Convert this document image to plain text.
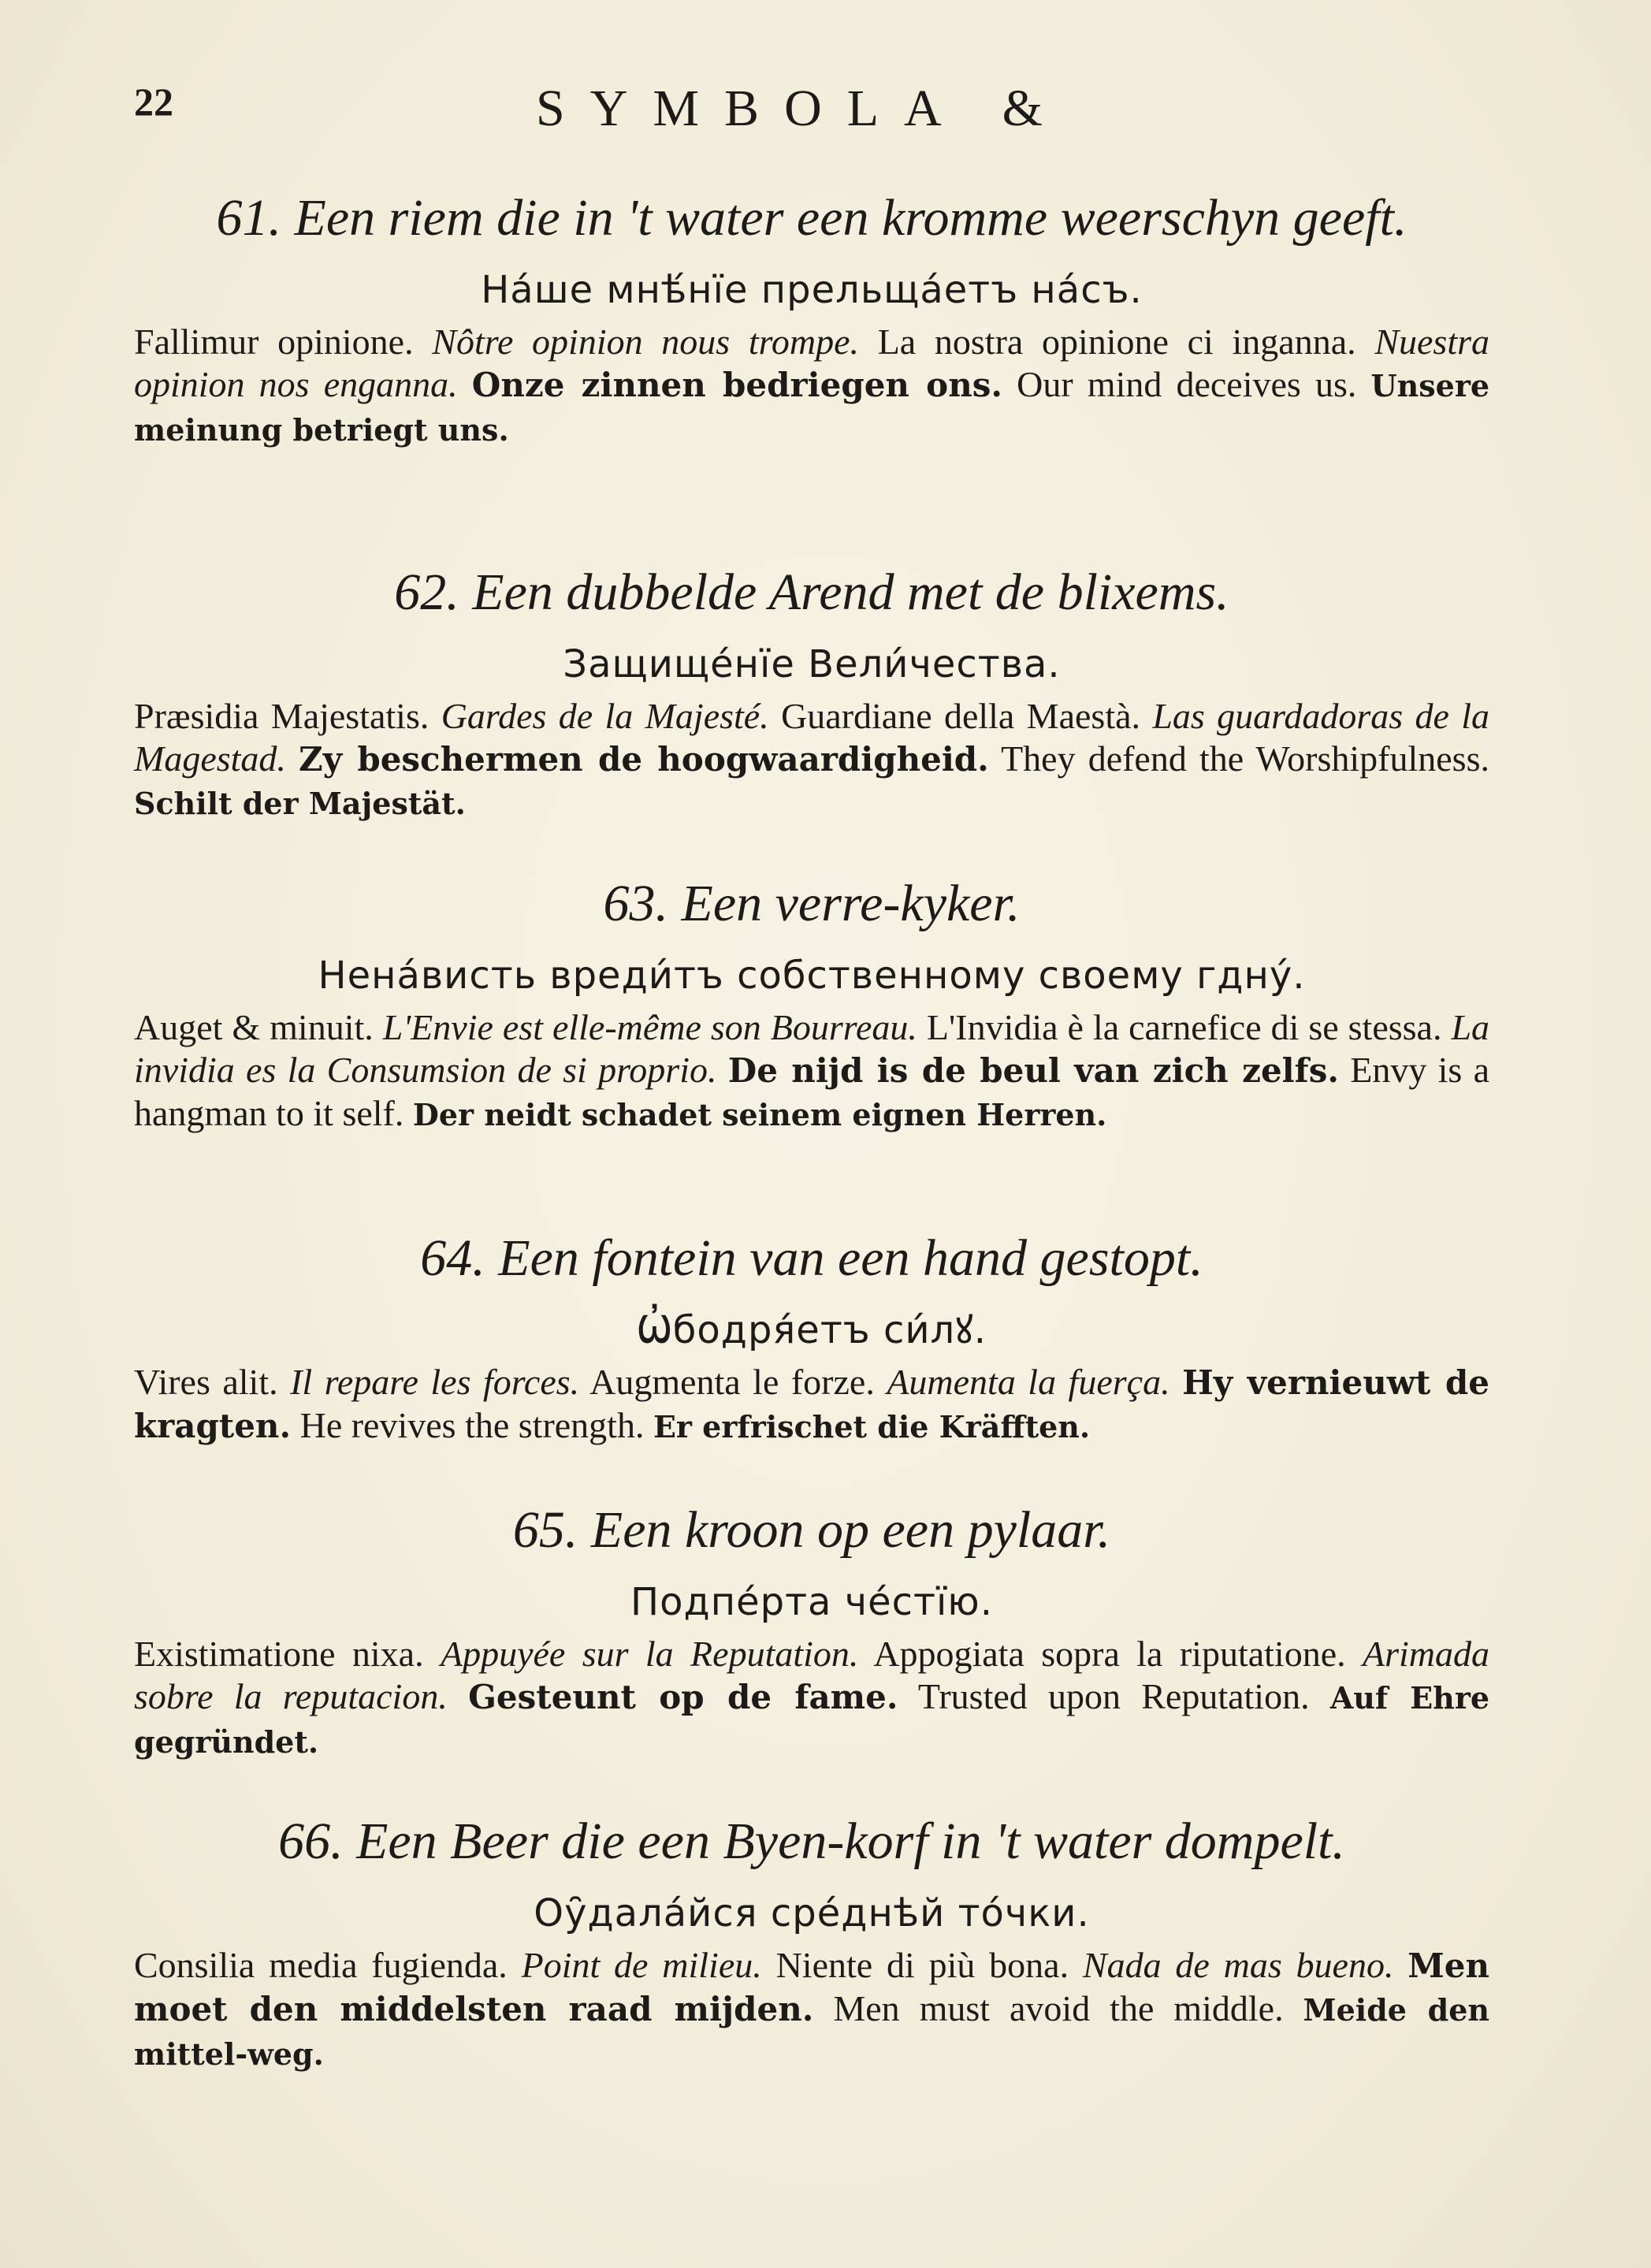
22	SYMBOLA &

61. Een riem die in 't water een kromme weerschyn geeft.

На́ше мнѣ́нїе прельща́етъ на́съ.

Fallimur opinione. Nôtre opinion nous trompe. La nostra opinione ci inganna. Nuestra opinion nos enganna. Onze zinnen bedriegen ons. Our mind deceives us. Unsere meinung betriegt uns.

62. Een dubbelde Arend met de blixems.

Защище́нїе Вели́чества.

Præsidia Majestatis. Gardes de la Majesté. Guardiane della Maestà. Las guardadoras de la Magestad. Zy beschermen de hoogwaardigheid. They defend the Worshipfulness. Schilt der Majestät.

63. Een verre-kyker.

Нена́висть вреди́тъ собственному своему гдну́.

Auget & minuit. L'Envie est elle-même son Bourreau. L'Invidia è la carnefice di se stessa. La invidia es la Consumsion de si proprio. De nijd is de beul van zich zelfs. Envy is a hangman to it self. Der neidt schadet seinem eignen Herren.

64. Een fontein van een hand gestopt.

Ѡ̓бодря́етъ си́лꙋ.

Vires alit. Il repare les forces. Augmenta le forze. Aumenta la fuerça. Hy vernieuwt de kragten. He revives the strength. Er erfrischet die Kräfften.

65. Een kroon op een pylaar.

Подпе́рта че́стїю.

Existimatione nixa. Appuyée sur la Reputation. Appogiata sopra la riputatione. Arimada sobre la reputacion. Gesteunt op de fame. Trusted upon Reputation. Auf Ehre gegründet.

66. Een Beer die een Byen-korf in 't water dompelt.

Оу̑дала́йся сре́днѣй то́чки.

Consilia media fugienda. Point de milieu. Niente di più bona. Nada de mas bueno. Men moet den middelsten raad mijden. Men must avoid the middle. Meide den mittel-weg.
